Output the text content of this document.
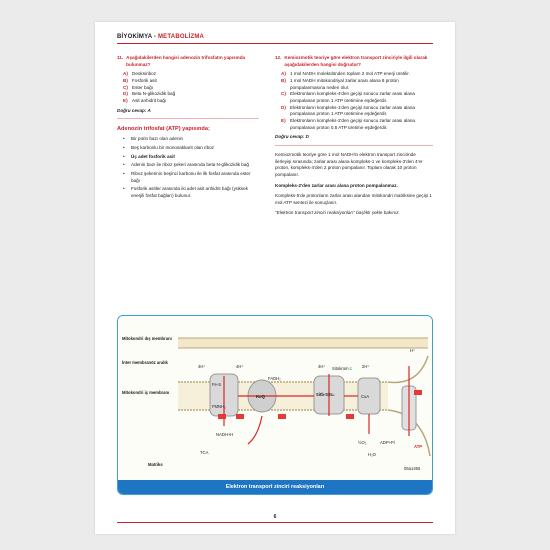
BİYOKİMYA - METABOLİZMA
11. Aşağıdakilerden hangisi adenozin trifosfatın yapısında bulunmaz?
A) Deoksiriboz
B) Fosforik asit
C) Ester bağı
D) Beta N-glikozidik bağ
E) Asit anhidrit bağı
Doğru cevap: A
Adenozin trifosfat (ATP) yapısında;
•	Bir pürin bazı olan adenin
•	Beş karbonlu bir monosakkarit olan riboz
•	Üç adet fosforik asit
•	Adenin bazı ile riboz şekeri arasında beta N-glikozidik bağ
•	Riboz şekerinin beşinci karbonu ile ilk fosfat arasında ester bağı
•	Fosforik asitler arasında iki adet asit anhidrit bağı (yüksek enerjili fosfat bağları) bulunur.
12. Kemiozmotik teoriye göre elektron transport zinciriyle ilgili olarak aşağıdakilerden hangisi doğrudur?
A) 1 mol NADH molekülünden toplam 2 mol ATP enerji üretilir.
B) 1 mol NADH mitokondriyal zarlar arası alana 8 proton pompalanmasına neden olur.
C) Elektronların kompleks-4'den geçişi sonucu zarlar arası alana pompalanan proton 1 ATP üretimine eşdeğerdir.
D) Elektronların kompleks-1'den geçişi sonucu zarlar arası alana pompalanan proton 1 ATP üretimine eşdeğerdir.
E) Elektronların kompleks-2'den geçişi sonucu zarlar arası alana pompalanan proton 0,5 ATP üretime eşdeğerdir.
Doğru cevap: D
Kemiozmotik teoriye göre 1 mol NADH'in elektron transport zincirinde ilerleyişi sırasında; zarlar arası alana kompleks-1 ve kompleks-3'den 4'er proton, kompleks-4'den 2 proton pompalanır. Toplam olarak 10 proton pompalanır.
Kompleks-2'den zarlar arası alana proton pompalanmaz.
Kompleks-5'de protonların zarlar arası alandan mitokondri matriksine geçişi 1 mol ATP sentezi ile sonuçlanır.
"Elektron transport zinciri reaksiyonları" başlıklı şekle bakınız.
Mitokondri dış membranı
İnter membranöz aralık
Mitokondri iç membranı
Matriks
4H⁺	4H⁺	2H⁺
4H⁺
H⁺
Fe-S
FMNH₂
FADH₂
KoQ
Sitokrom c
Sitb-Sitc₁	CuA
NADH+H
TCA
½O₂
H₂O
ADP+Pi
ATP
05a1455
Elektron transport zinciri reaksiyonları
6
